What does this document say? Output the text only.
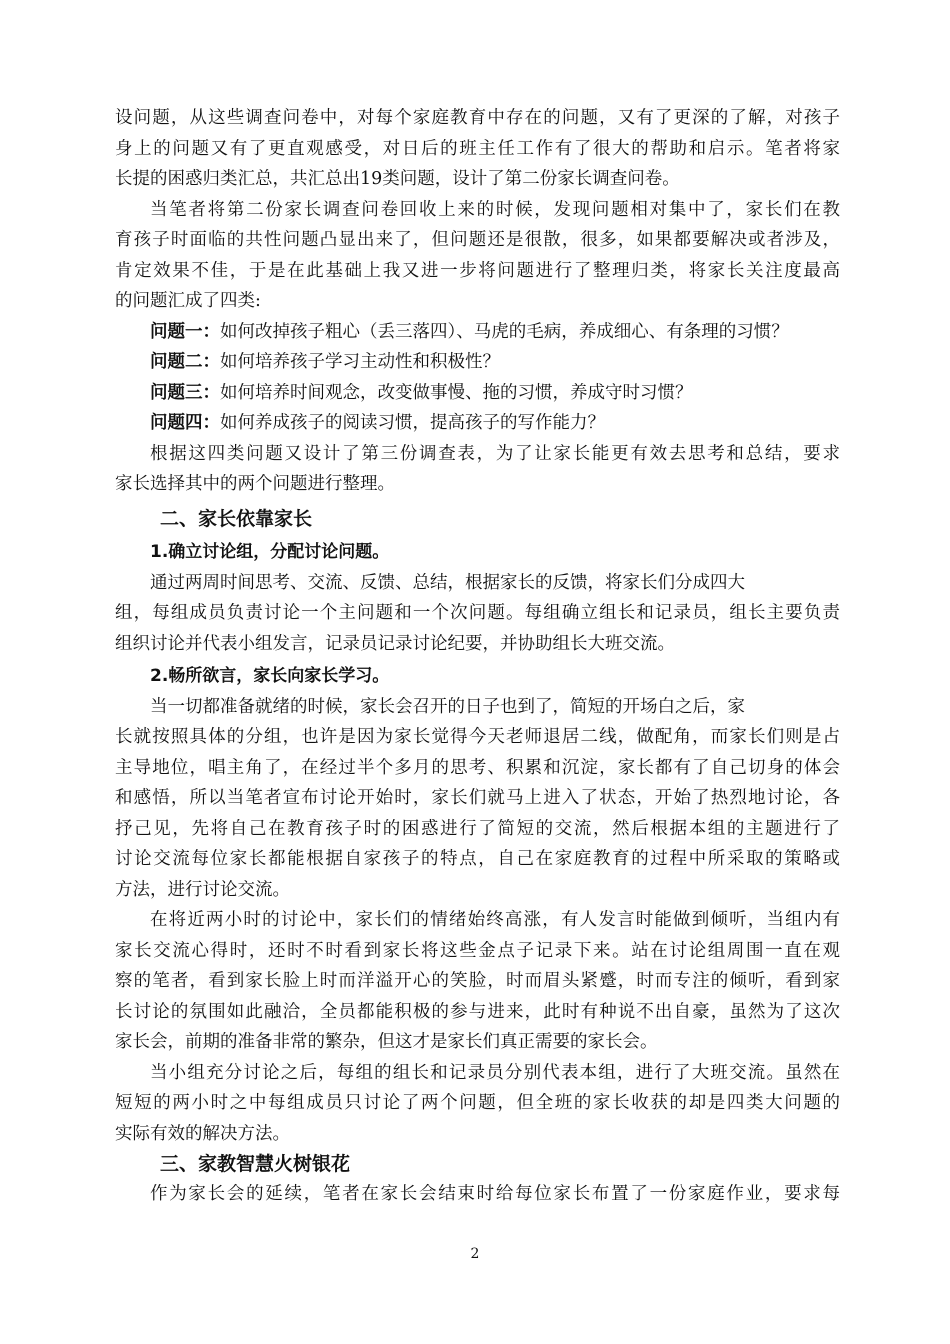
设问题，从这些调查问卷中，对每个家庭教育中存在的问题，又有了更深的了解，对孩子
身上的问题又有了更直观感受，对日后的班主任工作有了很大的帮助和启示。笔者将家
长提的困惑归类汇总，共汇总出19类问题，设计了第二份家长调查问卷。
当笔者将第二份家长调查问卷回收上来的时候，发现问题相对集中了，家长们在教
育孩子时面临的共性问题凸显出来了，但问题还是很散，很多，如果都要解决或者涉及，
肯定效果不佳，于是在此基础上我又进一步将问题进行了整理归类，将家长关注度最高
的问题汇成了四类:
问题一：如何改掉孩子粗心（丢三落四）、马虎的毛病，养成细心、有条理的习惯？
问题二：如何培养孩子学习主动性和积极性？
问题三：如何培养时间观念，改变做事慢、拖的习惯，养成守时习惯？
问题四：如何养成孩子的阅读习惯，提高孩子的写作能力？
根据这四类问题又设计了第三份调查表，为了让家长能更有效去思考和总结，要求
家长选择其中的两个问题进行整理。
二、家长依靠家长
1.确立讨论组，分配讨论问题。
通过两周时间思考、交流、反馈、总结，根据家长的反馈，将家长们分成四大
组，每组成员负责讨论一个主问题和一个次问题。每组确立组长和记录员，组长主要负责
组织讨论并代表小组发言，记录员记录讨论纪要，并协助组长大班交流。
2.畅所欲言，家长向家长学习。
当一切都准备就绪的时候，家长会召开的日子也到了，简短的开场白之后，家
长就按照具体的分组，也许是因为家长觉得今天老师退居二线，做配角，而家长们则是占
主导地位，唱主角了，在经过半个多月的思考、积累和沉淀，家长都有了自己切身的体会
和感悟，所以当笔者宣布讨论开始时，家长们就马上进入了状态，开始了热烈地讨论，各
抒己见，先将自己在教育孩子时的困惑进行了简短的交流，然后根据本组的主题进行了
讨论交流每位家长都能根据自家孩子的特点，自己在家庭教育的过程中所采取的策略或
方法，进行讨论交流。
在将近两小时的讨论中，家长们的情绪始终高涨，有人发言时能做到倾听，当组内有
家长交流心得时，还时不时看到家长将这些金点子记录下来。站在讨论组周围一直在观
察的笔者，看到家长脸上时而洋溢开心的笑脸，时而眉头紧蹙，时而专注的倾听，看到家
长讨论的氛围如此融洽，全员都能积极的参与进来，此时有种说不出自豪，虽然为了这次
家长会，前期的准备非常的繁杂，但这才是家长们真正需要的家长会。
当小组充分讨论之后，每组的组长和记录员分别代表本组，进行了大班交流。虽然在
短短的两小时之中每组成员只讨论了两个问题，但全班的家长收获的却是四类大问题的
实际有效的解决方法。
三、家教智慧火树银花
作为家长会的延续，笔者在家长会结束时给每位家长布置了一份家庭作业，要求每
2
